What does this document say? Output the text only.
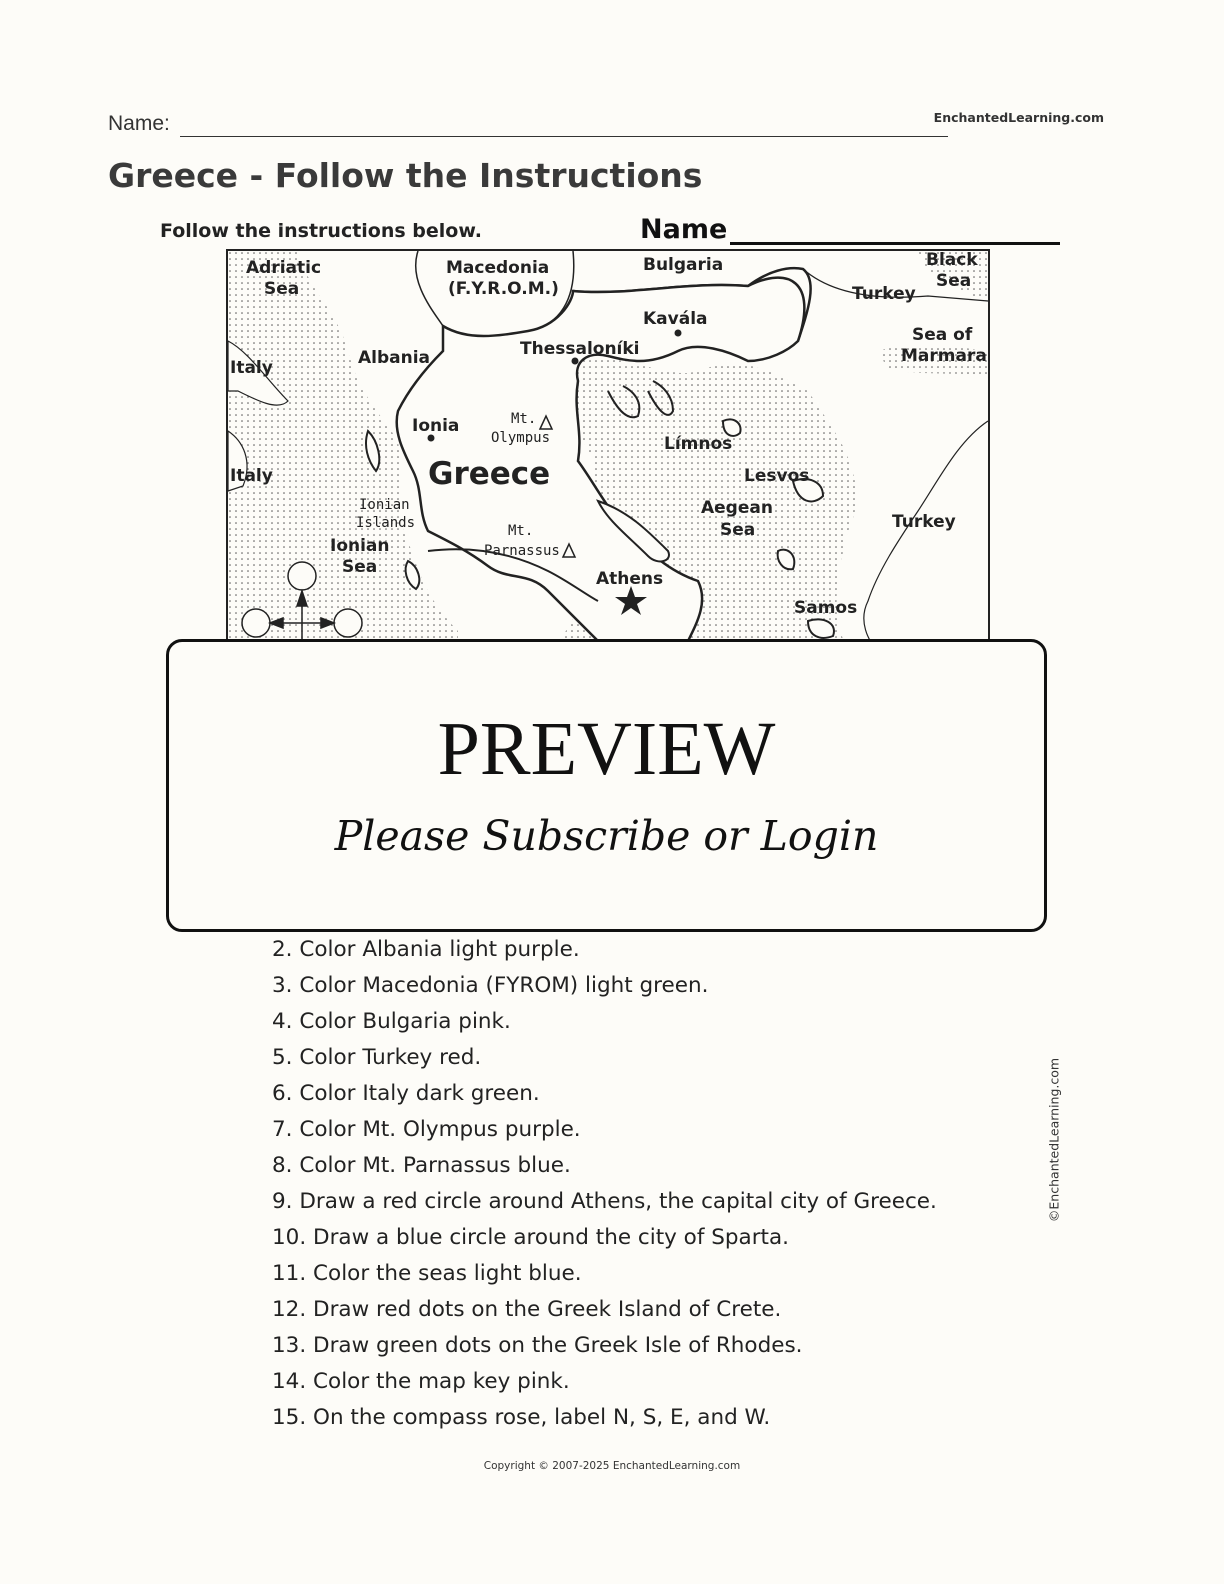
Name:	EnchantedLearning.com
Greece - Follow the Instructions
Follow the instructions below.	Name
Adriatic
Sea
Macedonia
(F.Y.R.O.M.)
Bulgaria	Black
Sea
Turkey
Kavála
Thessaloníki
Sea of
Marmara
Italy	Albania
Ionia
Límnos
Italy	Lesvos
Aegean
Sea	Turkey
Ionian
Sea
Athens
Samos
Greece
Mt.
Olympus
Ionian
Islands	Mt.
Parnassus
PREVIEW
Please Subscribe or Login
2. Color Albania light purple.
3. Color Macedonia (FYROM) light green.
4. Color Bulgaria pink.
5. Color Turkey red.
6. Color Italy dark green.
7. Color Mt. Olympus purple.
8. Color Mt. Parnassus blue.
9. Draw a red circle around Athens, the capital city of Greece.
10. Draw a blue circle around the city of Sparta.
11. Color the seas light blue.
12. Draw red dots on the Greek Island of Crete.
13. Draw green dots on the Greek Isle of Rhodes.
14. Color the map key pink.
15. On the compass rose, label N, S, E, and W.
©EnchantedLearning.com
Copyright © 2007-2025 EnchantedLearning.com
